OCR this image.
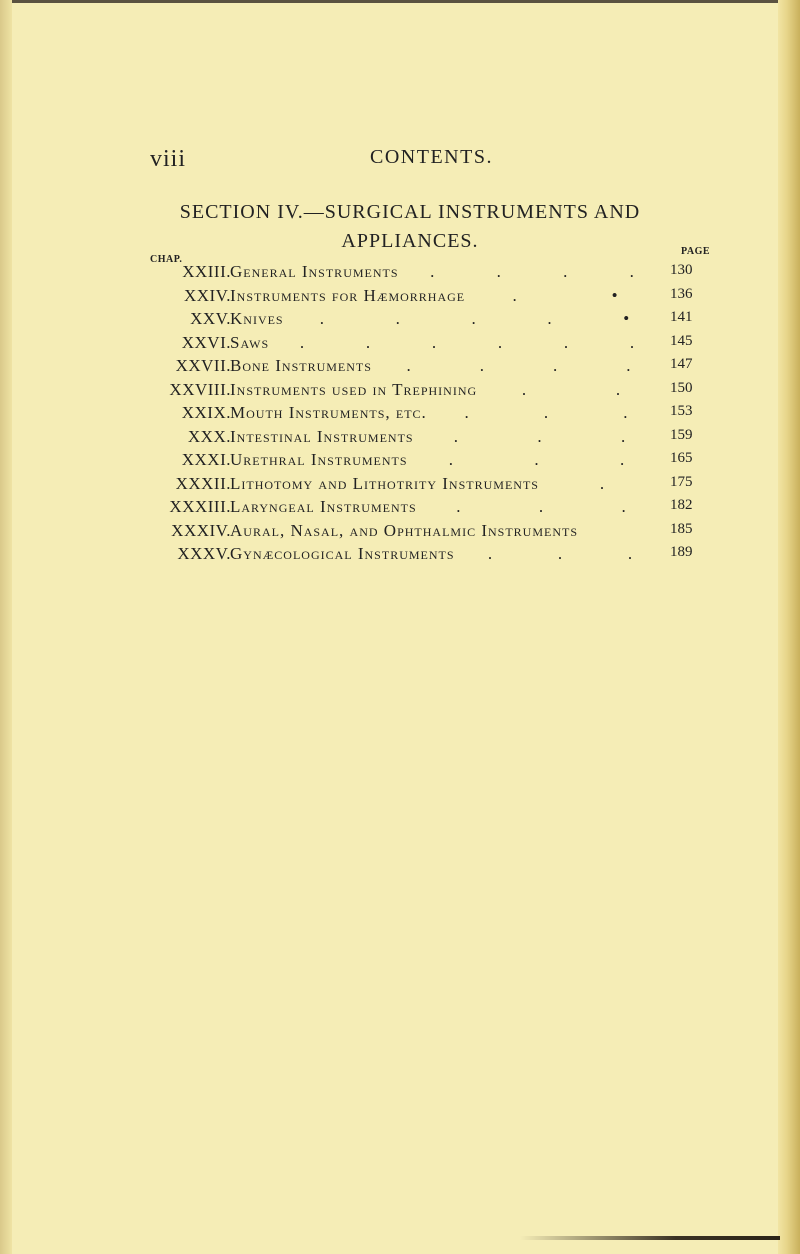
viii	CONTENTS.
SECTION IV.—SURGICAL INSTRUMENTS AND
APPLIANCES.
CHAP.
PAGE
XXIII. General Instruments .	.	.	. 130
XXIV. Instruments for Hæmorrhage	.	•	136
XXV. Knives .	.	.	.	•	141
XXVI. Saws .	.	.	.	.	. 145
XXVII. Bone Instruments .	.	.	.	147
XXVIII. Instruments used in Trephining	.	.	150
XXIX. Mouth Instruments, etc. .	.	.	153
XXX. Intestinal Instruments .	.	.	159
XXXI. Urethral Instruments .	.	.	165
XXXII. Lithotomy and Lithotrity Instruments	.	175
XXXIII. Laryngeal Instruments .	.	.	182
XXXIV. Aural, Nasal, and Ophthalmic Instruments	185
XXXV. Gynæcological Instruments .	.	.	189
